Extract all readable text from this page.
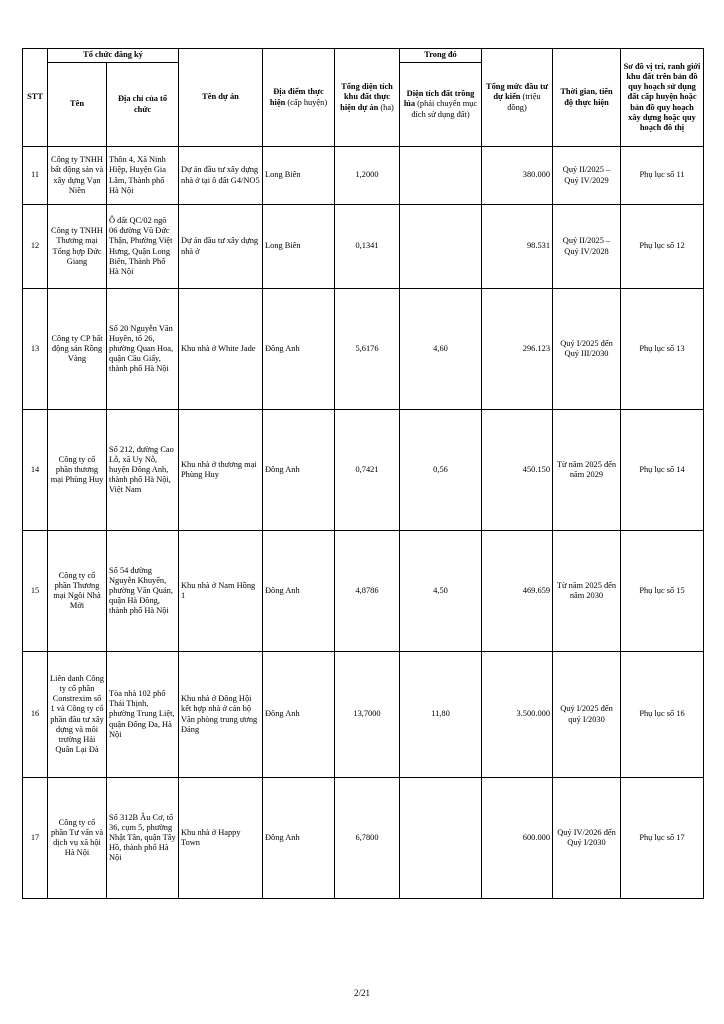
STT	Tổ chức đăng ký		Tên dự án	Địa điểm thực hiện (cấp huyện)	Tổng diện tích khu đất thực hiện dự án (ha)	Trong đó	Tổng mức đầu tư dự kiến (triệu đồng)	Thời gian, tiến độ thực hiện	Sơ đồ vị trí, ranh giới khu đất trên bản đồ quy hoạch sử dụng đất cấp huyện hoặc bản đồ quy hoạch xây dựng hoặc quy hoạch đô thị
	Tên	Địa chỉ của tổ chức				Diện tích đất trồng lúa (phải chuyển mục đích sử dụng đất)			
11	Công ty TNHH bất động sản và xây dựng Vạn Niên	Thôn 4, Xã Ninh Hiệp, Huyện Gia Lâm, Thành phố Hà Nội	Dự án đầu tư xây dựng nhà ở tại ô đất G4/NO5	Long Biên	1,2000		380.000	Quý II/2025 – Quý IV/2029	Phụ lục số 11
12	Công ty TNHH Thương mại Tổng hợp Đức Giang	Ô đất QC/02 ngõ 06 đường Vũ Đức Thận, Phường Việt Hưng, Quận Long Biên, Thành Phố Hà Nội	Dự án đầu tư xây dựng nhà ở	Long Biên	0,1341		98.531	Quý II/2025 – Quý IV/2028	Phụ lục số 12
13	Công ty CP bất động sản Rồng Vàng	Số 20 Nguyễn Văn Huyên, tổ 26, phường Quan Hoa, quận Cầu Giấy, thành phố Hà Nội	Khu nhà ở White Jade	Đông Anh	5,6176	4,60	296.123	Quý I/2025 đến Quý III/2030	Phụ lục số 13
14	Công ty cổ phần thương mại Phùng Huy	Số 212, đường Cao Lỗ, xã Uy Nỗ, huyện Đông Anh, thành phố Hà Nội, Việt Nam	Khu nhà ở thương mại Phùng Huy	Đông Anh	0,7421	0,56	450.150	Từ năm 2025 đến năm 2029	Phụ lục số 14
15	Công ty cổ phần Thương mại Ngôi Nhà Mới	Số 54 đường Nguyễn Khuyến, phường Văn Quán, quận Hà Đông, thành phố Hà Nội	Khu nhà ở Nam Hồng 1	Đông Anh	4,8786	4,50	469.659	Từ năm 2025 đến năm 2030	Phụ lục số 15
16	Liên danh Công ty cổ phần Constrexim số 1 và Công ty cổ phần đầu tư xây dựng và môi trường Hải Quân Lại Đà	Tòa nhà 102 phố Thái Thịnh, phường Trung Liệt, quận Đống Đa, Hà Nội	Khu nhà ở Đông Hội kết hợp nhà ở cán bộ Văn phòng trung ương Đảng	Đông Anh	13,7000	11,80	3.500.000	Quý I/2025 đến quý I/2030	Phụ lục số 16
17	Công ty cổ phần Tư vấn và dịch vụ xã hội Hà Nội	Số 312B Âu Cơ, tổ 36, cụm 5, phường Nhật Tân, quận Tây Hồ, thành phố Hà Nội	Khu nhà ở Happy Town	Đông Anh	6,7800		600.000	Quý IV/2026 đến Quý I/2030	Phụ lục số 17
2/21
